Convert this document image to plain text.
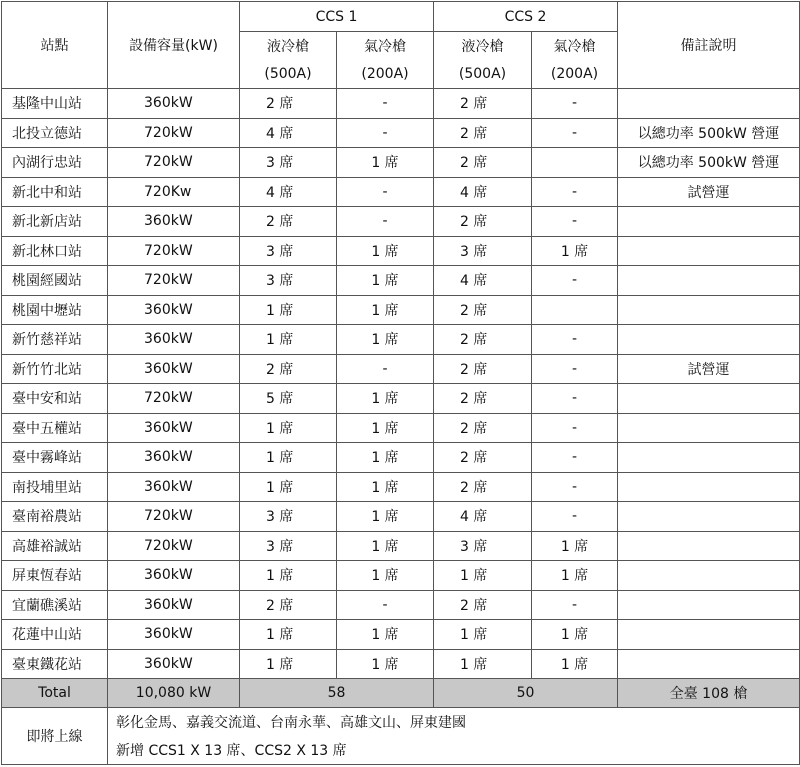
站點	設備容量(kW)	CCS 1		CCS 2		備註說明
		液冷槍	氣冷槍	液冷槍	氣冷槍	
		(500A)	(200A)	(500A)	(200A)	
基隆中山站	360kW	2 席	-	2 席	-	
北投立德站	720kW	4 席	-	2 席	-	以總功率 500kW 營運
內湖行忠站	720kW	3 席	1 席	2 席		以總功率 500kW 營運
新北中和站	720Kw	4 席	-	4 席	-	試營運
新北新店站	360kW	2 席	-	2 席	-	
新北林口站	720kW	3 席	1 席	3 席	1 席	
桃園經國站	720kW	3 席	1 席	4 席	-	
桃園中壢站	360kW	1 席	1 席	2 席		
新竹慈祥站	360kW	1 席	1 席	2 席	-	
新竹竹北站	360kW	2 席	-	2 席	-	試營運
臺中安和站	720kW	5 席	1 席	2 席	-	
臺中五權站	360kW	1 席	1 席	2 席	-	
臺中霧峰站	360kW	1 席	1 席	2 席	-	
南投埔里站	360kW	1 席	1 席	2 席	-	
臺南裕農站	720kW	3 席	1 席	4 席	-	
高雄裕誠站	720kW	3 席	1 席	3 席	1 席	
屏東恆春站	360kW	1 席	1 席	1 席	1 席	
宜蘭礁溪站	360kW	2 席	-	2 席	-	
花蓮中山站	360kW	1 席	1 席	1 席	1 席	
臺東鐵花站	360kW	1 席	1 席	1 席	1 席	
Total	10,080 kW	58		50		全臺 108 槍
即將上線	彰化金馬、嘉義交流道、台南永華、高雄文山、屏東建國					
	新增 CCS1 X 13 席、CCS2 X 13 席					
